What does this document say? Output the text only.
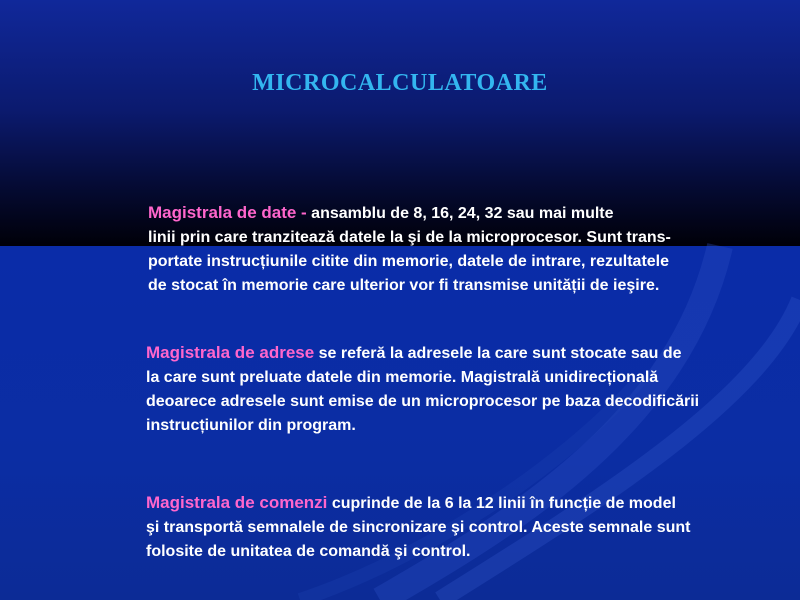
MICROCALCULATOARE

Magistrala de date - ansamblu de 8, 16, 24, 32 sau mai multe
linii prin care tranzitează datele la şi de la microprocesor. Sunt trans-
portate instrucțiunile citite din memorie, datele de intrare, rezultatele
de stocat în memorie care ulterior vor fi transmise unității de ieşire.

Magistrala de adrese se referă la adresele la care sunt stocate sau de
la care sunt preluate datele din memorie. Magistrală unidirecțională
deoarece adresele sunt emise de un microprocesor pe baza decodificării
instrucțiunilor din program.

Magistrala de comenzi cuprinde de la 6 la 12 linii în funcție de model
şi transportă semnalele de sincronizare şi control. Aceste semnale sunt
folosite de unitatea de comandă şi control.
